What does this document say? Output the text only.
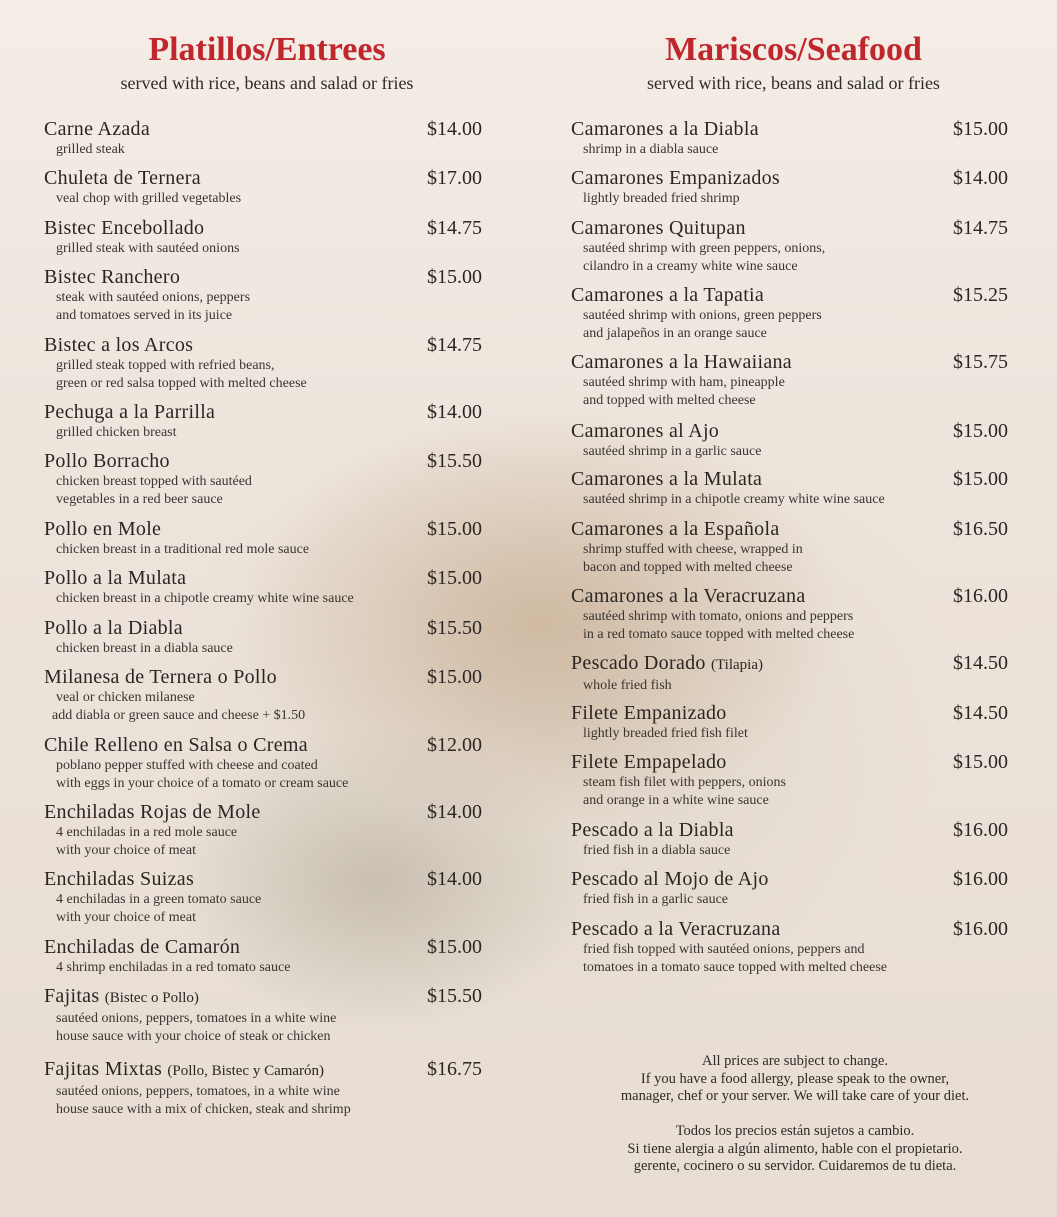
Platillos/Entrees

served with rice, beans and salad or fries

Carne Azada	$14.00
grilled steak
Chuleta de Ternera	$17.00
veal chop with grilled vegetables
Bistec Encebollado	$14.75
grilled steak with sautéed onions
Bistec Ranchero	$15.00
steak with sautéed onions, peppers
and tomatoes served in its juice
Bistec a los Arcos	$14.75
grilled steak topped with refried beans,
green or red salsa topped with melted cheese
Pechuga a la Parrilla	$14.00
grilled chicken breast
Pollo Borracho	$15.50
chicken breast topped with sautéed
vegetables in a red beer sauce
Pollo en Mole	$15.00
chicken breast in a traditional red mole sauce
Pollo a la Mulata	$15.00
chicken breast in a chipotle creamy white wine sauce
Pollo a la Diabla	$15.50
chicken breast in a diabla sauce
Milanesa de Ternera o Pollo	$15.00
veal or chicken milanese
add diabla or green sauce and cheese + $1.50
Chile Relleno en Salsa o Crema	$12.00
poblano pepper stuffed with cheese and coated
with eggs in your choice of a tomato or cream sauce
Enchiladas Rojas de Mole	$14.00
4 enchiladas in a red mole sauce
with your choice of meat
Enchiladas Suizas	$14.00
4 enchiladas in a green tomato sauce
with your choice of meat
Enchiladas de Camarón	$15.00
4 shrimp enchiladas in a red tomato sauce
Fajitas (Bistec o Pollo)	$15.50
sautéed onions, peppers, tomatoes in a white wine
house sauce with your choice of steak or chicken
Fajitas Mixtas (Pollo, Bistec y Camarón)	$16.75
sautéed onions, peppers, tomatoes, in a white wine
house sauce with a mix of chicken, steak and shrimp
Mariscos/Seafood

served with rice, beans and salad or fries

Camarones a la Diabla	$15.00
shrimp in a diabla sauce
Camarones Empanizados	$14.00
lightly breaded fried shrimp
Camarones Quitupan	$14.75
sautéed shrimp with green peppers, onions,
cilandro in a creamy white wine sauce
Camarones a la Tapatia	$15.25
sautéed shrimp with onions, green peppers
and jalapeños in an orange sauce
Camarones a la Hawaiiana	$15.75
sautéed shrimp with ham, pineapple
and topped with melted cheese
Camarones al Ajo	$15.00
sautéed shrimp in a garlic sauce
Camarones a la Mulata	$15.00
sautéed shrimp in a chipotle creamy white wine sauce
Camarones a la Española	$16.50
shrimp stuffed with cheese, wrapped in
bacon and topped with melted cheese
Camarones a la Veracruzana	$16.00
sautéed shrimp with tomato, onions and peppers
in a red tomato sauce topped with melted cheese
Pescado Dorado (Tilapia)	$14.50
whole fried fish
Filete Empanizado	$14.50
lightly breaded fried fish filet
Filete Empapelado	$15.00
steam fish filet with peppers, onions
and orange in a white wine sauce
Pescado a la Diabla	$16.00
fried fish in a diabla sauce
Pescado al Mojo de Ajo	$16.00
fried fish in a garlic sauce
Pescado a la Veracruzana	$16.00
fried fish topped with sautéed onions, peppers and
tomatoes in a tomato sauce topped with melted cheese

All prices are subject to change.

If you have a food allergy, please speak to the owner,

manager, chef or your server. We will take care of your diet.

Todos los precios están sujetos a cambio.

Si tiene alergia a algún alimento, hable con el propietario.

gerente, cocinero o su servidor. Cuidaremos de tu dieta.
